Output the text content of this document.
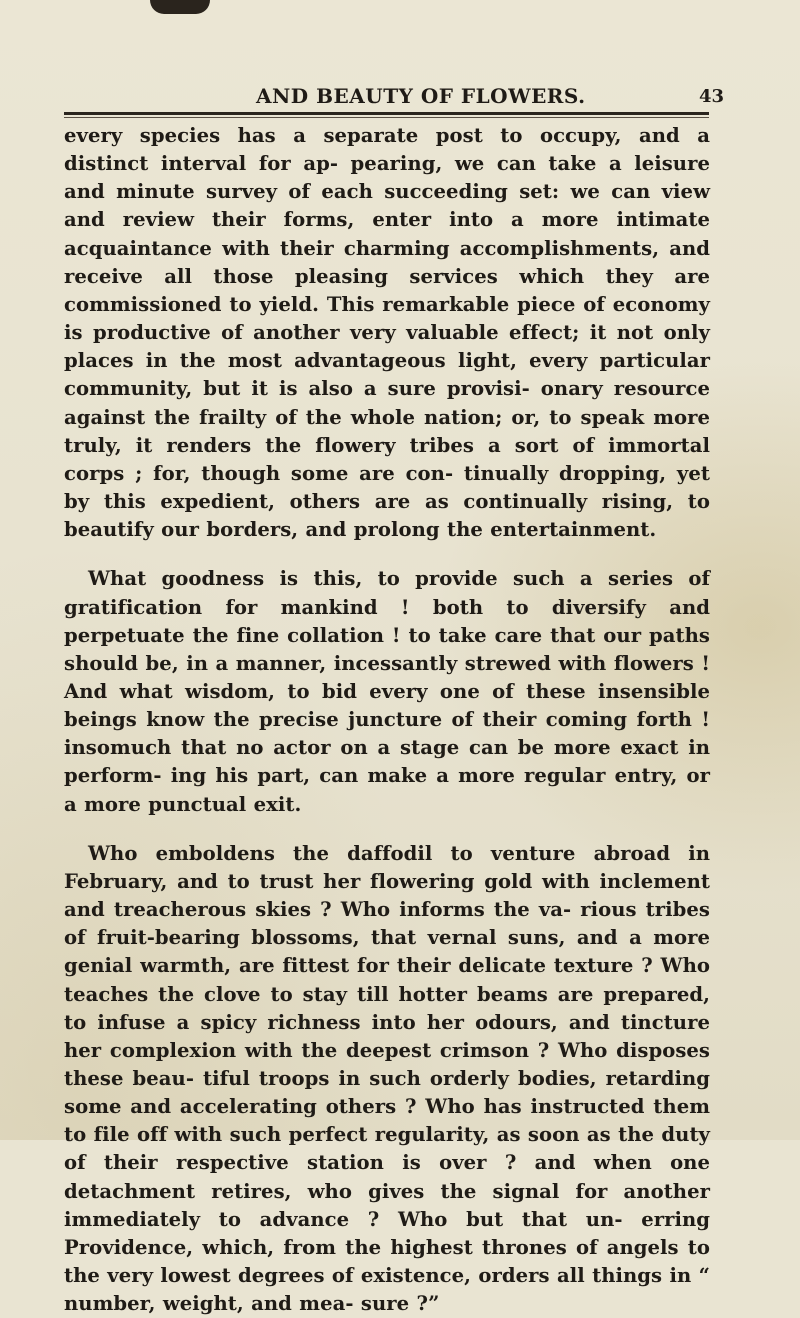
AND BEAUTY OF FLOWERS.	43

every species has a separate post to occupy, and a distinct interval for ap- pearing, we can take a leisure and minute survey of each succeeding set: we can view and review their forms, enter into a more intimate acquaintance with their charming accomplishments, and receive all those pleasing services which they are commissioned to yield. This remarkable piece of economy is productive of another very valuable effect; it not only places in the most advantageous light, every particular community, but it is also a sure provisi- onary resource against the frailty of the whole nation; or, to speak more truly, it renders the flowery tribes a sort of immortal corps ; for, though some are con- tinually dropping, yet by this expedient, others are as continually rising, to beautify our borders, and prolong the entertainment.

What goodness is this, to provide such a series of gratification for mankind ! both to diversify and perpetuate the fine collation ! to take care that our paths should be, in a manner, incessantly strewed with flowers ! And what wisdom, to bid every one of these insensible beings know the precise juncture of their coming forth ! insomuch that no actor on a stage can be more exact in perform- ing his part, can make a more regular entry, or a more punctual exit.

Who emboldens the daffodil to venture abroad in February, and to trust her flowering gold with inclement and treacherous skies ? Who informs the va- rious tribes of fruit-bearing blossoms, that vernal suns, and a more genial warmth, are fittest for their delicate texture ? Who teaches the clove to stay till hotter beams are prepared, to infuse a spicy richness into her odours, and tincture her complexion with the deepest crimson ? Who disposes these beau- tiful troops in such orderly bodies, retarding some and accelerating others ? Who has instructed them to file off with such perfect regularity, as soon as the duty of their respective station is over ? and when one detachment retires, who gives the signal for another immediately to advance ? Who but that un- erring Providence, which, from the highest thrones of angels to the very lowest degrees of existence, orders all things in “ number, weight, and mea- sure ?”
